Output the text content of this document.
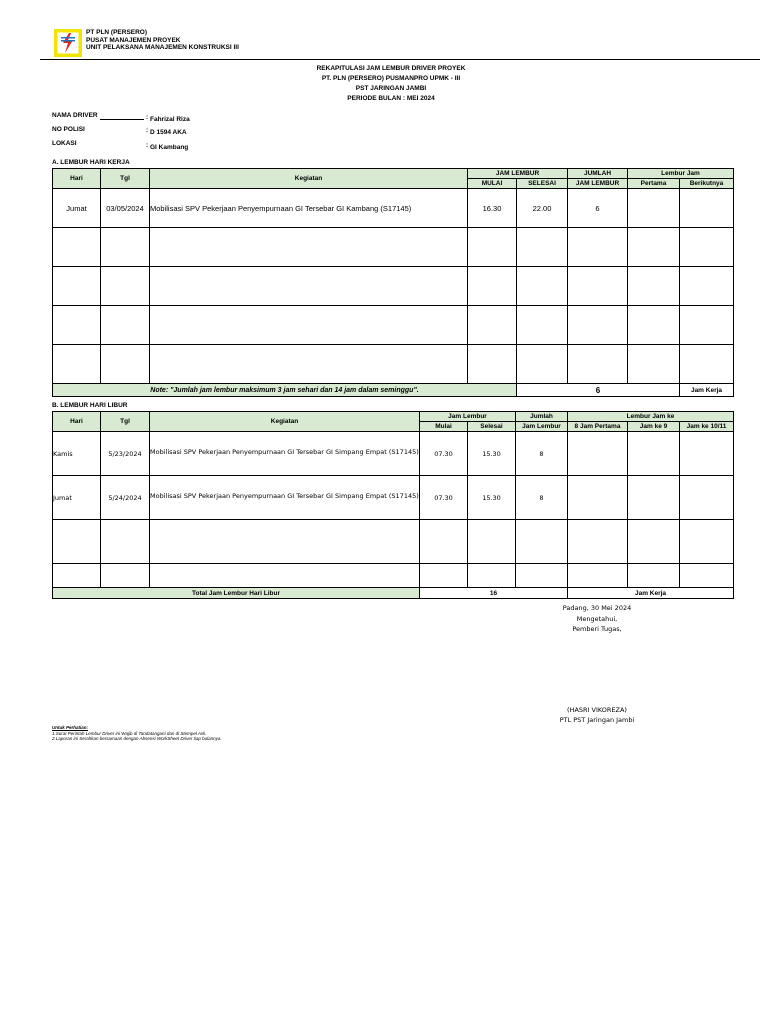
PT PLN (PERSERO)
PUSAT MANAJEMEN PROYEK
UNIT PELAKSANA MANAJEMEN KONSTRUKSI III
REKAPITULASI JAM LEMBUR DRIVER PROYEK
PT. PLN (PERSERO) PUSMANPRO UPMK - III
PST JARINGAN JAMBI
PERIODE BULAN : MEI 2024
NAMA DRIVER	: Fahrizal Riza
NO POLISI	: D 1594 AKA
LOKASI	: GI Kambang
A. LEMBUR HARI KERJA
Hari	Tgl	Kegiatan	JAM LEMBUR		JUMLAH	Lembur Jam	
			MULAI	SELESAI	JAM LEMBUR	Pertama	Berikutnya
Jumat	03/05/2024	Mobilisasi SPV Pekerjaan Penyempurnaan GI Tersebar GI Kambang (S17145)	16.30	22.00	6		

Note: "Jumlah jam lembur maksimum 3 jam sehari dan 14 jam dalam seminggu".				6			Jam Kerja
B. LEMBUR HARI LIBUR
Hari	Tgl	Kegiatan	Jam Lembur		Jumlah	Lembur Jam ke		
			Mulai	Selesai	Jam Lembur	8 Jam Pertama	Jam ke 9	Jam ke 10/11
Kamis	5/23/2024	Mobilisasi SPV Pekerjaan Penyempurnaan GI Tersebar GI Simpang Empat (S17145)	07.30	15.30	8			
Jumat	5/24/2024	Mobilisasi SPV Pekerjaan Penyempurnaan GI Tersebar GI Simpang Empat (S17145)	07.30	15.30	8			

Total Jam Lembur Hari Libur			16			Jam Kerja		
Padang, 30 Mei 2024
Mengetahui,
Pemberi Tugas,
(HASRI VIKOREZA)
PTL PST Jaringan Jambi
Untuk Perhatian:
1.Surat Perintah Lembur Driver ini Wajib di Tandatangani dan di Stempel Asli.
2.Laporan ini Serahkan bersamaan dengan Absensi WorkSheet Driver tiap bulannya.
